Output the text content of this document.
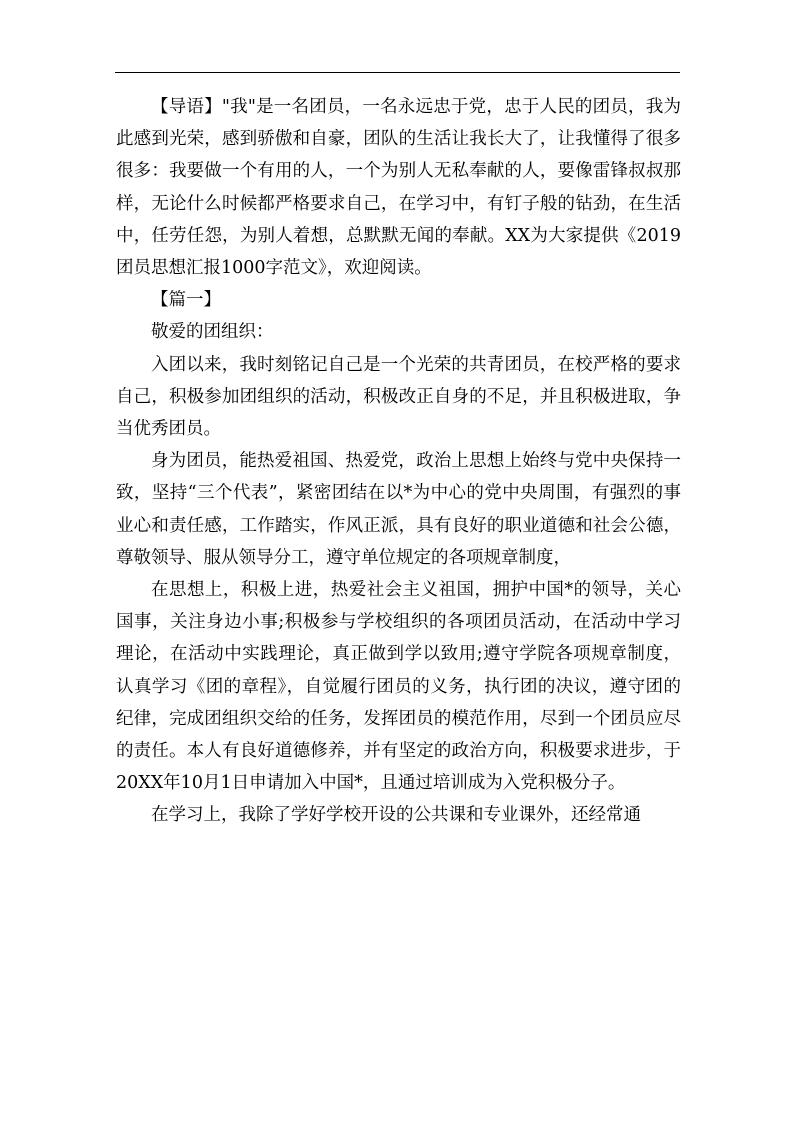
【导语】"我"是一名团员，一名永远忠于党，忠于人民的团员，我为此感到光荣，感到骄傲和自豪，团队的生活让我长大了，让我懂得了很多很多：我要做一个有用的人，一个为别人无私奉献的人，要像雷锋叔叔那样，无论什么时候都严格要求自己，在学习中，有钉子般的钻劲，在生活中，任劳任怨，为别人着想，总默默无闻的奉献。XX为大家提供《2019团员思想汇报1000字范文》，欢迎阅读。

【篇一】

敬爱的团组织：

入团以来，我时刻铭记自己是一个光荣的共青团员，在校严格的要求自己，积极参加团组织的活动，积极改正自身的不足，并且积极进取，争当优秀团员。

身为团员，能热爱祖国、热爱党，政治上思想上始终与党中央保持一致，坚持“三个代表”，紧密团结在以*为中心的党中央周围，有强烈的事业心和责任感，工作踏实，作风正派，具有良好的职业道德和社会公德，尊敬领导、服从领导分工，遵守单位规定的各项规章制度，

在思想上，积极上进，热爱社会主义祖国，拥护中国*的领导，关心国事，关注身边小事;积极参与学校组织的各项团员活动，在活动中学习理论，在活动中实践理论，真正做到学以致用;遵守学院各项规章制度，认真学习《团的章程》，自觉履行团员的义务，执行团的决议，遵守团的纪律，完成团组织交给的任务，发挥团员的模范作用，尽到一个团员应尽的责任。本人有良好道德修养，并有坚定的政治方向，积极要求进步，于20XX年10月1日申请加入中国*，且通过培训成为入党积极分子。

在学习上，我除了学好学校开设的公共课和专业课外，还经常通
